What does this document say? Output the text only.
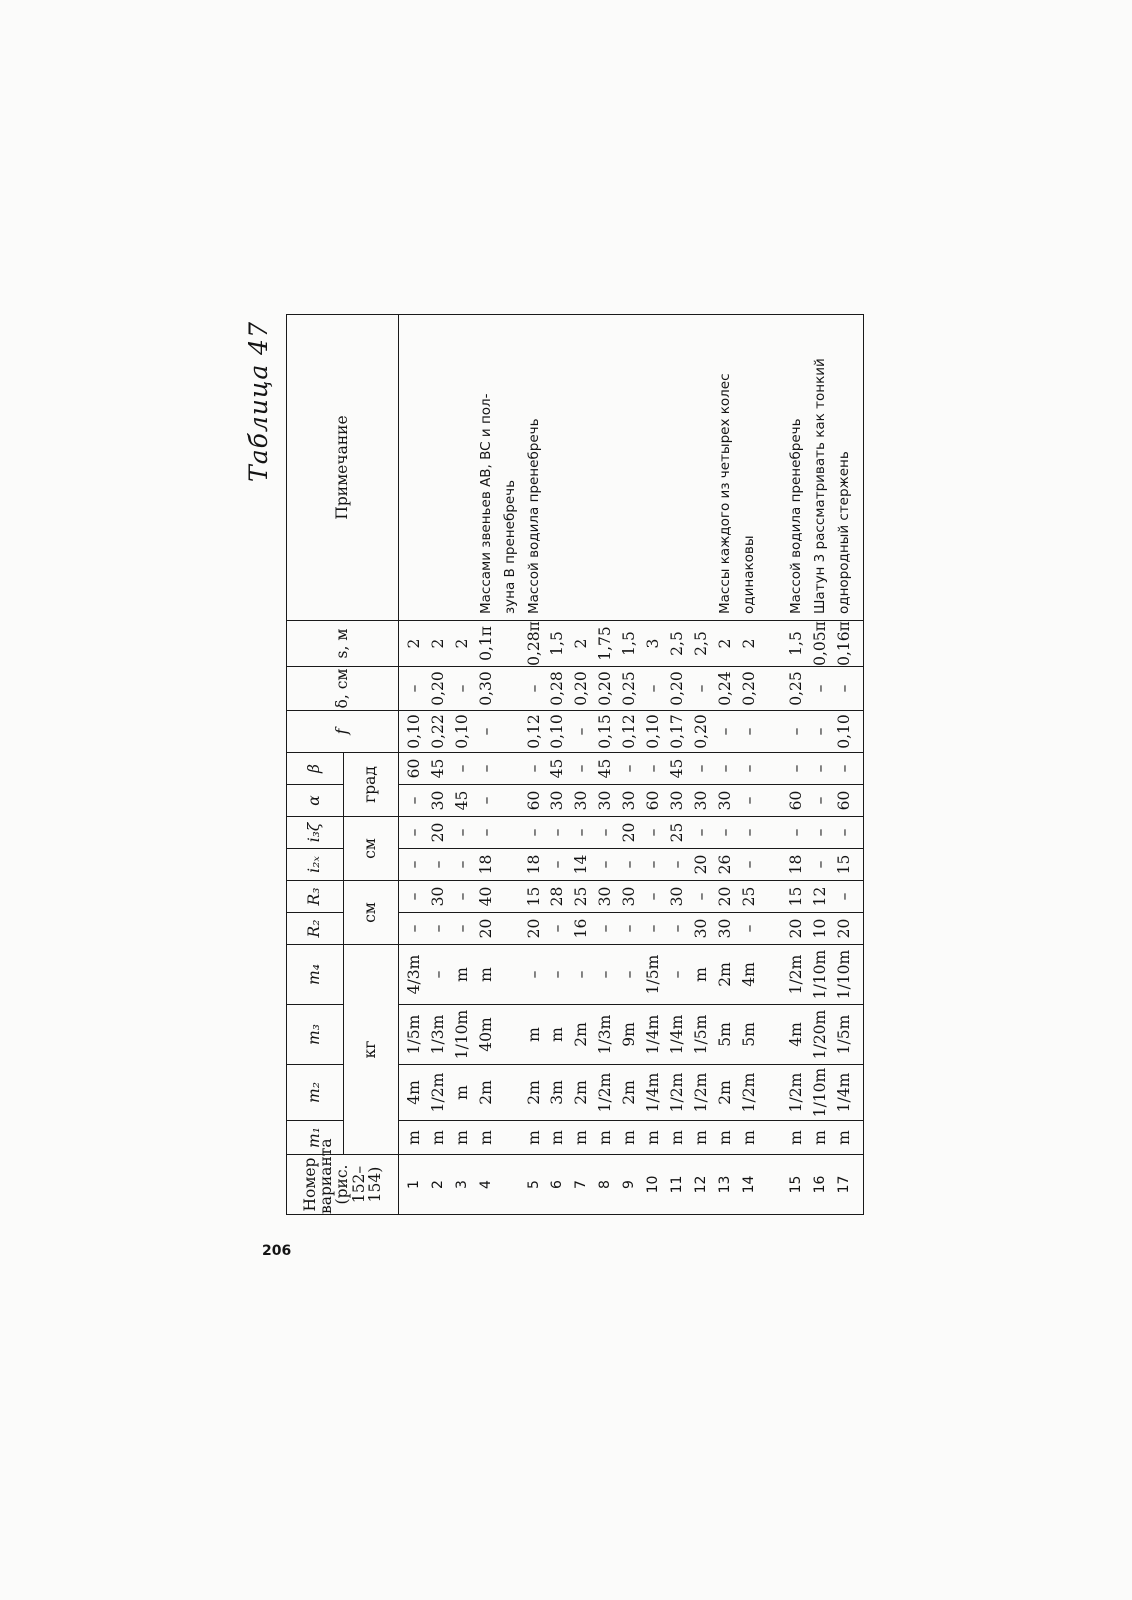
Таблица 47
Номер варианта (рис. 152–154)	m₁	m₂	m₃	m₄	R₂	R₃	i₂ₓ	i₃ζ	α	β	f	δ, см	s, м	Примечание
	кг				см		см		град					
1	m	4m	1/5m	4/3m	–	–	–	–	–	60	0,10	–	2	
2	m	1/2m	1/3m	–	–	30	–	20	30	45	0,22	0,20	2	
3	m	m	1/10m	m	–	–	–	–	45	–	0,10	–	2	
4	m	2m	40m	m	20	40	18	–	–	–	–	0,30	0,1π	Массами звеньев AB, BC и пол-
														зуна B пренебречь
5	m	2m	m	–	20	15	18	–	60	–	0,12	–	0,28π	Массой водила пренебречь
6	m	3m	m	–	–	28	–	–	30	45	0,10	0,28	1,5	
7	m	2m	2m	–	16	25	14	–	30	–	–	0,20	2	
8	m	1/2m	1/3m	–	–	30	–	–	30	45	0,15	0,20	1,75	
9	m	2m	9m	–	–	30	–	20	30	–	0,12	0,25	1,5	
10	m	1/4m	1/4m	1/5m	–	–	–	–	60	–	0,10	–	3	
11	m	1/2m	1/4m	–	–	30	–	25	30	45	0,17	0,20	2,5	
12	m	1/2m	1/5m	m	30	–	20	–	30	–	0,20	–	2,5	
13	m	2m	5m	2m	30	20	26	–	30	–	–	0,24	2	Массы каждого из четырех колес
14	m	1/2m	5m	4m	–	25	–	–	–	–	–	0,20	2	одинаковы

15	m	1/2m	4m	1/2m	20	15	18	–	60	–	–	0,25	1,5	Массой водила пренебречь
16	m	1/10m	1/20m	1/10m	10	12	–	–	–	–	–	–	0,05π	Шатун 3 рассматривать как тонкий
17	m	1/4m	1/5m	1/10m	20	–	15	–	60	–	0,10	–	0,16π	однородный стержень
206
